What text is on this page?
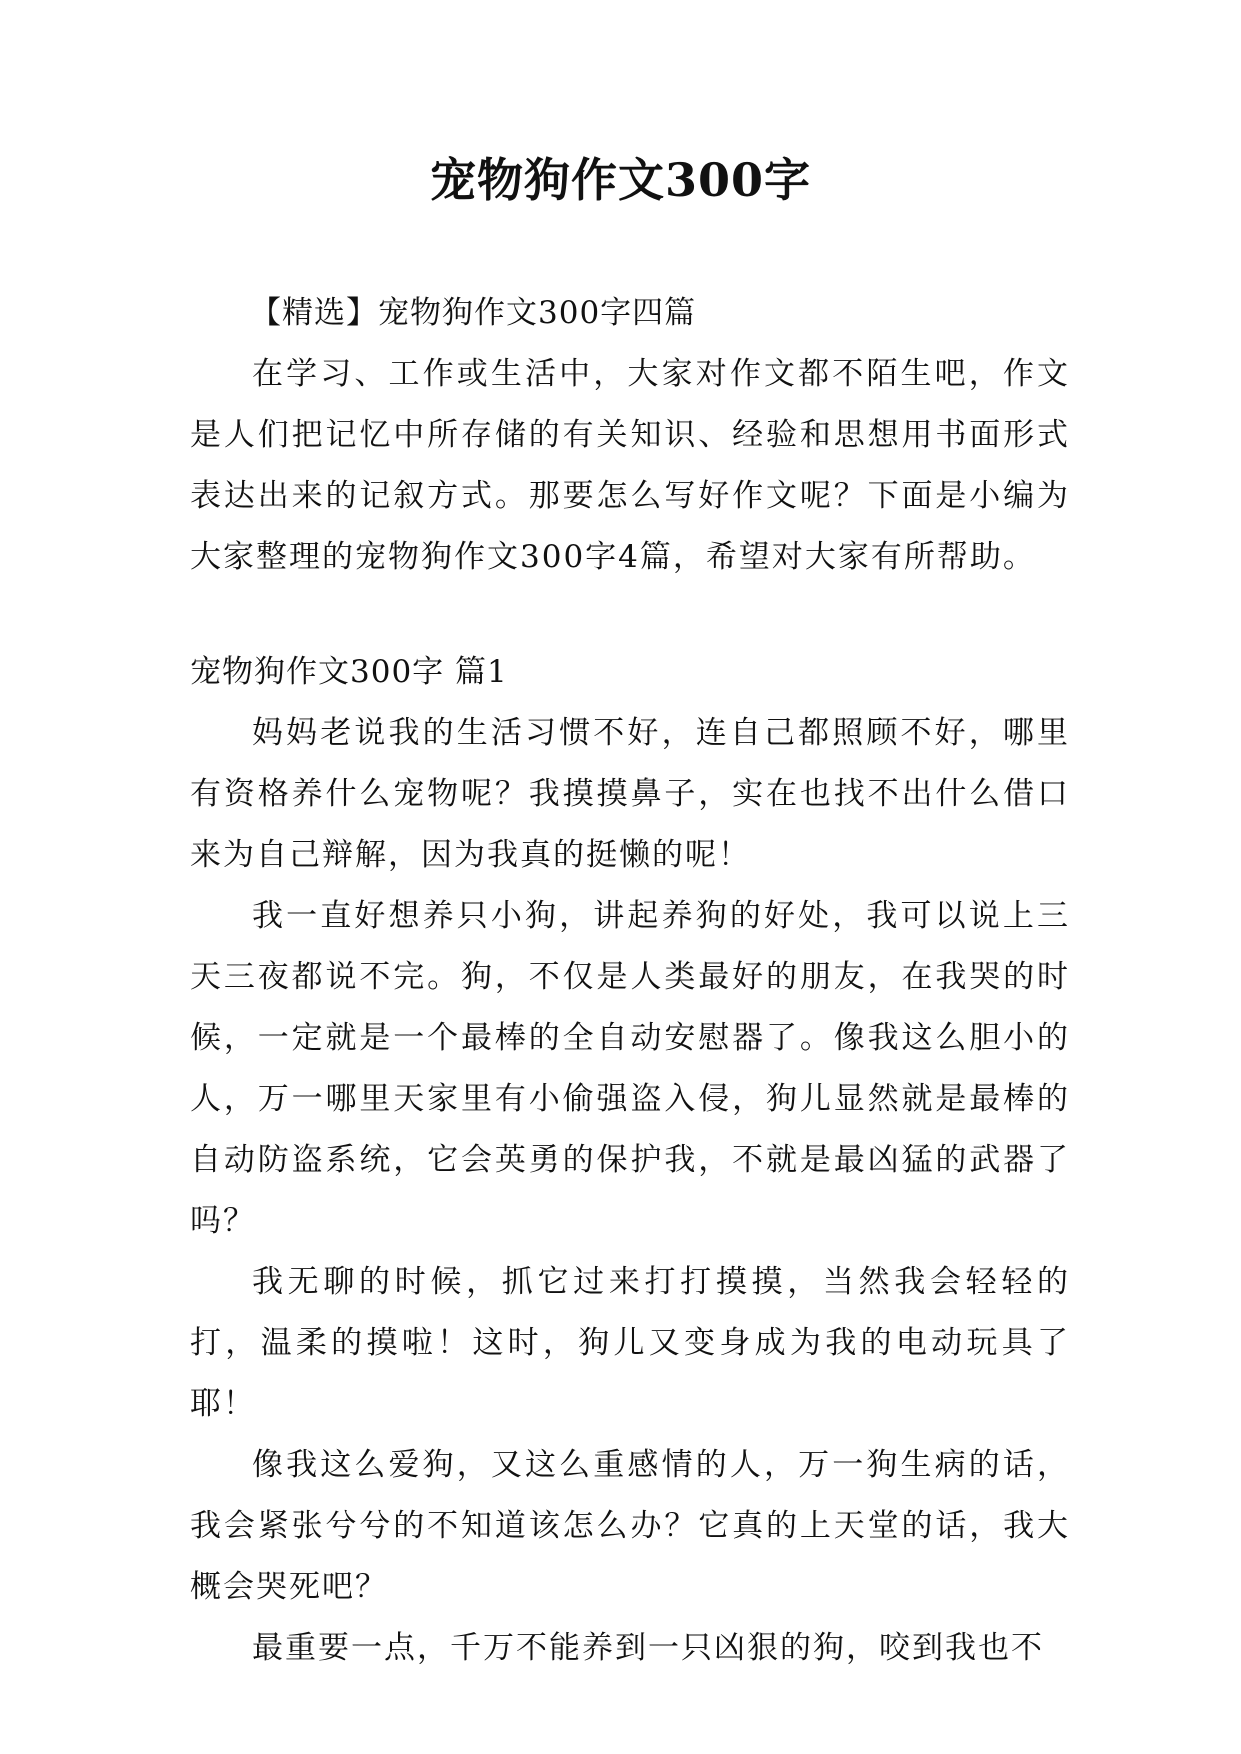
宠物狗作文300字

【精选】宠物狗作文300字四篇

在学习、工作或生活中，大家对作文都不陌生吧，作文是人们把记忆中所存储的有关知识、经验和思想用书面形式表达出来的记叙方式。那要怎么写好作文呢？下面是小编为大家整理的宠物狗作文300字4篇，希望对大家有所帮助。

宠物狗作文300字 篇1

妈妈老说我的生活习惯不好，连自己都照顾不好，哪里有资格养什么宠物呢？我摸摸鼻子，实在也找不出什么借口来为自己辩解，因为我真的挺懒的呢！

我一直好想养只小狗，讲起养狗的好处，我可以说上三天三夜都说不完。狗，不仅是人类最好的朋友，在我哭的时候，一定就是一个最棒的全自动安慰器了。像我这么胆小的人，万一哪里天家里有小偷强盗入侵，狗儿显然就是最棒的自动防盗系统，它会英勇的保护我，不就是最凶猛的武器了吗？

我无聊的时候，抓它过来打打摸摸，当然我会轻轻的打，温柔的摸啦！这时，狗儿又变身成为我的电动玩具了耶！

像我这么爱狗，又这么重感情的人，万一狗生病的话，我会紧张兮兮的不知道该怎么办？它真的上天堂的话，我大概会哭死吧？

最重要一点，千万不能养到一只凶狠的狗，咬到我也不
